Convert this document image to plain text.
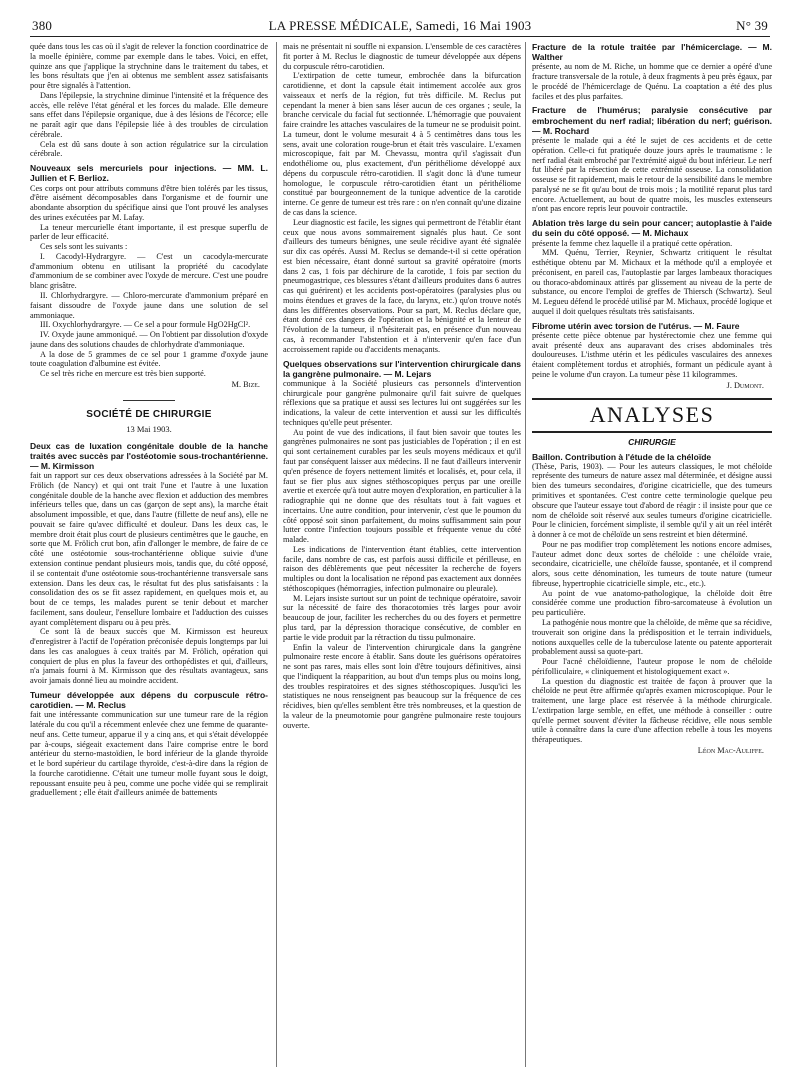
380	LA PRESSE MÉDICALE, Samedi, 16 Mai 1903	N° 39

quée dans tous les cas où il s'agit de relever la fonction coordinatrice de la moelle épinière, comme par exemple dans le tabes. Voici, en effet, quinze ans que j'applique la strychnine dans le traitement du tabes, et les bons résultats que j'en ai obtenus me semblent assez satisfaisants pour être signalés à l'attention.

Dans l'épilepsie, la strychnine diminue l'intensité et la fréquence des accès, elle relève l'état général et les forces du malade. Elle demeure sans effet dans l'épilepsie organique, due à des lésions de l'écorce; elle ne paraît agir que dans l'épilepsie liée à des troubles de circulation cérébrale.

Cela est dû sans doute à son action régulatrice sur la circulation cérébrale.

Nouveaux sels mercuriels pour injections. — MM. L. Jullien et F. Berlioz.

Ces corps ont pour attributs communs d'être bien tolérés par les tissus, d'être aisément décomposables dans l'organisme et de fournir une abondante absorption du spécifique ainsi que l'ont prouvé les analyses des urines exécutées par M. Lafay.

La teneur mercurielle étant importante, il est presque superflu de parler de leur efficacité.

Ces sels sont les suivants :

I. Cacodyl-Hydrargyre. — C'est un cacodyla-mercurate d'ammonium obtenu en utilisant la propriété du cacodylate d'ammonium de se combiner avec l'oxyde de mercure. C'est une poudre blanc grisâtre.

II. Chlorhydrargyre. — Chloro-mercurate d'ammonium préparé en faisant dissoudre de l'oxyde jaune dans une solution de sel ammoniaque.

III. Oxychlorhydrargyre. — Ce sel a pour formule HgO2HgCl².

IV. Oxyde jaune ammoniqué. — On l'obtient par dissolution d'oxyde jaune dans des solutions chaudes de chlorhydrate d'ammoniaque.

A la dose de 5 grammes de ce sel pour 1 gramme d'oxyde jaune toute coagulation d'albumine est évitée.

Ce sel très riche en mercure est très bien supporté.

M. Bize.

SOCIÉTÉ DE CHIRURGIE

13 Mai 1903.

Deux cas de luxation congénitale double de la hanche traités avec succès par l'ostéotomie sous-trochantérienne. — M. Kirmisson

fait un rapport sur ces deux observations adressées à la Société par M. Frölich (de Nancy) et qui ont trait l'une et l'autre à une luxation congénitale double de la hanche avec flexion et adduction des membres inférieurs telles que, dans un cas (garçon de sept ans), la marche était absolument impossible, et que, dans l'autre (fillette de neuf ans), elle ne pouvait se faire qu'avec difficulté et douleur. Dans les deux cas, le membre droit était plus court de plusieurs centimètres que le gauche, en sorte que M. Frölich crut bon, afin d'allonger le membre, de faire de ce côté une ostéotomie sous-trochantérienne oblique suivie d'une extension continue pendant plusieurs mois, tandis que, du côté opposé, il se contentait d'une ostéotomie sous-trochantérienne transversale sans extension. Dans les deux cas, le résultat fut des plus satisfaisants : la consolidation des os se fit assez rapidement, en quelques mois et, au bout de ce temps, les malades purent se tenir debout et marcher facilement, sans douleur, l'ensellure lombaire et l'adduction des cuisses ayant complètement disparu ou à peu près.

Ce sont là de beaux succès que M. Kirmisson est heureux d'enregistrer à l'actif de l'opération préconisée depuis longtemps par lui dans les cas analogues à ceux traités par M. Frölich, opération qui conquiert de plus en plus la faveur des orthopédistes et qui, d'ailleurs, n'a jamais fourni à M. Kirmisson que des résultats avantageux, sans avoir jamais donné lieu au moindre accident.

Tumeur développée aux dépens du corpuscule rétro-carotidien. — M. Reclus

fait une intéressante communication sur une tumeur rare de la région latérale du cou qu'il a récemment enlevée chez une femme de quarante-neuf ans. Cette tumeur, apparue il y a cinq ans, et qui s'était développée par à-coups, siégeait exactement dans l'aire comprise entre le bord antérieur du sterno-mastoïdien, le bord inférieur de la glande thyroïde et le bord supérieur du cartilage thyroïde, c'est-à-dire dans la région de la fourche carotidienne. C'était une tumeur molle fuyant sous le doigt, repoussant ensuite peu à peu, comme une poche vidée qui se remplirait graduellement ; elle était d'ailleurs animée de battements

mais ne présentait ni souffle ni expansion. L'ensemble de ces caractères fit porter à M. Reclus le diagnostic de tumeur développée aux dépens du corpuscule rétro-carotidien.

L'extirpation de cette tumeur, embrochée dans la bifurcation carotidienne, et dont la capsule était intimement accolée aux gros vaisseaux et nerfs de la région, fut très difficile. M. Reclus put cependant la mener à bien sans léser aucun de ces organes ; seule, la branche cervicale du facial fut sectionnée. L'hémorragie que pouvaient faire craindre les attaches vasculaires de la tumeur ne se produisit point. La tumeur, dont le volume mesurait 4 à 5 centimètres dans tous les sens, avait une coloration rouge-brun et était très vasculaire. L'examen microscopique, fait par M. Chevassu, montra qu'il s'agissait d'un endothéliome ou, plus exactement, d'un périthéliome développé aux dépens du corpuscule rétro-carotidien. Il s'agit donc là d'une tumeur homologue, le corpuscule rétro-carotidien étant un périthéliome constitué par bourgeonnement de la tunique adventice de la carotide interne. Ce genre de tumeur est très rare : on n'en connaît qu'une dizaine de cas dans la science.

Leur diagnostic est facile, les signes qui permettront de l'établir étant ceux que nous avons sommairement signalés plus haut. Ce sont d'ailleurs des tumeurs bénignes, une seule récidive ayant été signalée sur dix cas opérés. Aussi M. Reclus se demande-t-il si cette opération est bien nécessaire, étant donné surtout sa gravité opératoire (morts dans 2 cas, 1 fois par déchirure de la carotide, 1 fois par section du pneumogastrique, ces blessures s'étant d'ailleurs produites dans 6 autres cas qui guérirent) et les accidents post-opératoires (paralysies plus ou moins étendues et graves de la face, du larynx, etc.) qu'on trouve notés dans les différentes observations. Pour sa part, M. Reclus déclare que, étant donné ces dangers de l'opération et la bénignité et la lenteur de l'évolution de la tumeur, il n'hésiterait pas, en présence d'un nouveau cas, à recommander l'abstention et à n'intervenir qu'en face d'un accroissement rapide ou d'accidents menaçants.

Quelques observations sur l'intervention chirurgicale dans la gangrène pulmonaire. — M. Lejars

communique à la Société plusieurs cas personnels d'intervention chirurgicale pour gangrène pulmonaire qu'il fait suivre de quelques réflexions que sa pratique et aussi ses lectures lui ont suggérées sur les indications, la valeur de cette intervention et aussi sur les difficultés techniques qu'elle peut présenter.

Au point de vue des indications, il faut bien savoir que toutes les gangrènes pulmonaires ne sont pas justiciables de l'opération ; il en est qui sont certainement curables par les seuls moyens médicaux et qu'il faut par conséquent laisser aux médecins. Il ne faut d'ailleurs intervenir qu'en présence de foyers nettement limités et localisés, et, pour cela, il faut se fier plus aux signes stéthoscopiques perçus par une oreille avertie et exercée qu'à tout autre moyen d'exploration, en particulier à la radiographie qui ne donne que des résultats tout à fait vagues et incertains. Une autre condition, pour intervenir, c'est que le poumon du côté opposé soit sinon parfaitement, du moins suffisamment sain pour lutter contre l'infection toujours possible et fréquente venue du côté malade.

Les indications de l'intervention étant établies, cette intervention facile, dans nombre de cas, est parfois aussi difficile et périlleuse, en raison des déblèrements que peut nécessiter la recherche de foyers multiples ou dont la localisation ne répond pas exactement aux données stéthoscopiques (hémorragies, infection pulmonaire ou pleurale).

M. Lejars insiste surtout sur un point de technique opératoire, savoir sur la nécessité de faire des thoracotomies très larges pour avoir beaucoup de jour, faciliter les recherches du ou des foyers et permettre plus tard, par la dépression thoracique consécutive, de combler en partie le vide produit par la rétraction du tissu pulmonaire.

Enfin la valeur de l'intervention chirurgicale dans la gangrène pulmonaire reste encore à établir. Sans doute les guérisons opératoires ne sont pas rares, mais elles sont loin d'être toujours définitives, ainsi que l'indiquent la réapparition, au bout d'un temps plus ou moins long, des troubles respiratoires et des signes stéthoscopiques. Jusqu'ici les statistiques ne nous renseignent pas beaucoup sur la fréquence de ces récidives, bien qu'elles semblent être très nombreuses, et la question de la valeur de la pneumotomie pour gangrène pulmonaire reste toujours ouverte.

Fracture de la rotule traitée par l'hémicerclage. — M. Walther

présente, au nom de M. Riche, un homme que ce dernier a opéré d'une fracture transversale de la rotule, à deux fragments à peu près égaux, par le procédé de l'hémicerclage de Quénu. La coaptation a été des plus faciles et des plus parfaites.

Fracture de l'humérus; paralysie consécutive par embrochement du nerf radial; libération du nerf; guérison. — M. Rochard

présente le malade qui a été le sujet de ces accidents et de cette opération. Celle-ci fut pratiquée douze jours après le traumatisme : le nerf radial était embroché par l'extrémité aiguë du bout inférieur. Le nerf fut libéré par la résection de cette extrémité osseuse. La consolidation osseuse se fit rapidement, mais le retour de la sensibilité dans le membre paralysé ne se fit qu'au bout de trois mois ; la motilité reparut plus tard encore. Actuellement, au bout de quatre mois, les muscles extenseurs n'ont pas encore repris leur pouvoir contractile.

Ablation très large du sein pour cancer; autoplastie à l'aide du sein du côté opposé. — M. Michaux

présente la femme chez laquelle il a pratiqué cette opération.

MM. Quénu, Terrier, Reynier, Schwartz critiquent le résultat esthétique obtenu par M. Michaux et la méthode qu'il a employée et préconisent, en pareil cas, l'autoplastie par larges lambeaux thoraciques ou thoraco-abdominaux attirés par glissement au niveau de la perte de substance, ou encore l'emploi de greffes de Thiersch (Schwartz). Seul M. Legueu défend le procédé utilisé par M. Michaux, procédé logique et auquel il doit quelques résultats très satisfaisants.

Fibrome utérin avec torsion de l'utérus. — M. Faure

présente cette pièce obtenue par hystérectomie chez une femme qui avait présenté deux ans auparavant des crises abdominales très douloureuses. L'isthme utérin et les pédicules vasculaires des annexes étaient complètement tordus et atrophiés, formant un pédicule ayant à peine le volume d'un crayon. La tumeur pèse 11 kilogrammes.

J. Dumont.

ANALYSES
CHIRURGIE
Baillon. Contribution à l'étude de la chéloïde

(Thèse, Paris, 1903). — Pour les auteurs classiques, le mot chéloïde représente des tumeurs de nature assez mal déterminée, et désigne aussi bien des tumeurs secondaires, d'origine cicatricielle, que des tumeurs primitives et spontanées. C'est contre cette terminologie quelque peu obscure que l'auteur essaye tout d'abord de réagir : il insiste pour que ce nom de chéloïde soit réservé aux seules tumeurs d'origine cicatricielle. Pour le clinicien, forcément simpliste, il semble qu'il y ait un réel intérêt à donner à ce mot de chéloïde un sens restreint et bien déterminé.

Pour ne pas modifier trop complètement les notions encore admises, l'auteur admet donc deux sortes de chéloïde : une chéloïde vraie, secondaire, cicatricielle, une chéloïde fausse, spontanée, et il comprend alors, sous cette dénomination, les tumeurs de toute nature (tumeur fibreuse, hypertrophie cicatricielle simple, etc., etc.).

Au point de vue anatomo-pathologique, la chéloïde doit être considérée comme une production fibro-sarcomateuse à évolution un peu particulière.

La pathogénie nous montre que la chéloïde, de même que sa récidive, trouverait son origine dans la prédisposition et le terrain individuels, notions auxquelles celle de la tuberculose latente ou patente apporterait probablement aussi sa quote-part.

Pour l'acné chéloïdienne, l'auteur propose le nom de chéloïde périfolliculaire, « cliniquement et histologiquement exact ».

La question du diagnostic est traitée de façon à prouver que la chéloïde ne peut être affirmée qu'après examen microscopique. Pour le traitement, une large place est réservée à la méthode chirurgicale. L'extirpation large semble, en effet, une méthode à conseiller : outre qu'elle permet souvent d'éviter la fâcheuse récidive, elle nous semble utile à connaître dans la cure d'une affection rebelle à tous les moyens thérapeutiques.

Léon Mac-Auliffe.
